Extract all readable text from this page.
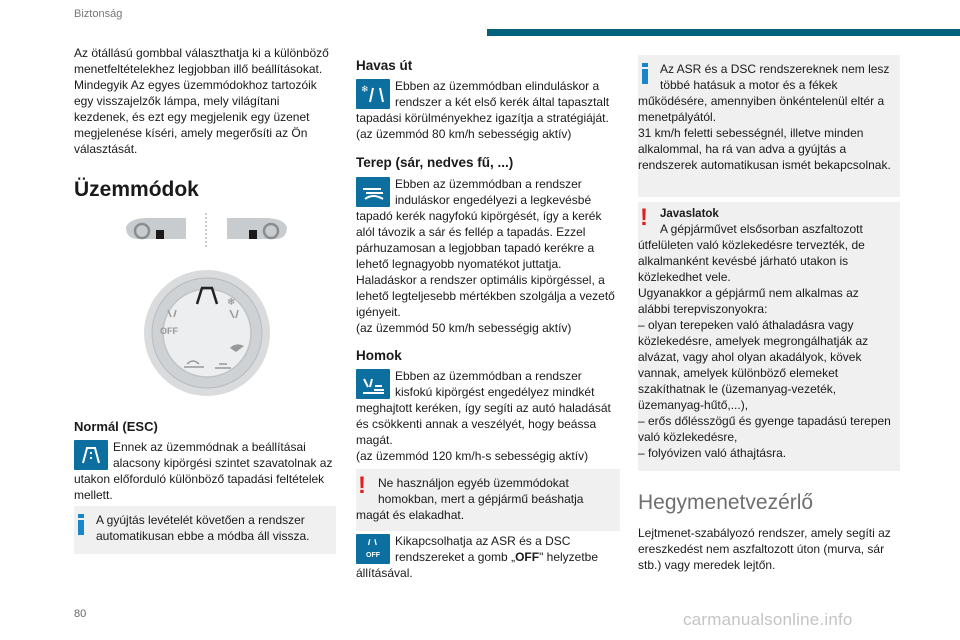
Biztonság

Az ötállású gombbal választhatja ki a különböző menetfeltételekhez legjobban illő beállításokat. Mindegyik Az egyes üzemmódokhoz tartozóik egy visszajelzők lámpa, mely világítani kezdenek, és ezt egy megjelenik egy üzenet megjelenése kíséri, amely megerősíti az Ön választását.

Üzemmódok
❄
OFF
Normál (ESC)

Ennek az üzemmódnak a beállításai alacsony kipörgési szintet szavatolnak az utakon előforduló különböző tapadási feltételek mellett.

A gyújtás levételét követően a rendszer automatikusan ebbe a módba áll vissza.

80
Havas út
❄	Ebben az üzemmódban elinduláskor a rendszer a két első kerék által tapasztalt tapadási körülményekhez igazítja a stratégiáját.
(az üzemmód 80 km/h sebességig aktív)

Terep (sár, nedves fű, ...)

Ebben az üzemmódban a rendszer induláskor engedélyezi a legkevésbé tapadó kerék nagyfokú kipörgését, így a kerék alól távozik a sár és fellép a tapadás. Ezzel párhuzamosan a legjobban tapadó kerékre a lehető legnagyobb nyomatékot juttatja.
Haladáskor a rendszer optimális kipörgéssel, a lehető legteljesebb mértékben szolgálja a vezető igényeit.
(az üzemmód 50 km/h sebességig aktív)

Homok

Ebben az üzemmódban a rendszer kisfokú kipörgést engedélyez mindkét meghajtott keréken, így segíti az autó haladását és csökkenti annak a veszélyét, hogy beássa magát.
(az üzemmód 120 km/h-s sebességig aktív)

!	Ne használjon egyéb üzemmódokat homokban, mert a gépjármű beáshatja magát és elakadhat.

OFF

Kikapcsolhatja az ASR és a DSC rendszereket a gomb „OFF" helyzetbe állításával.

Az ASR és a DSC rendszereknek nem lesz többé hatásuk a motor és a fékek működésére, amennyiben önkéntelenül eltér a menetpályától.
31 km/h feletti sebességnél, illetve minden alkalommal, ha rá van adva a gyújtás a rendszerek automatikusan ismét bekapcsolnak.

!	Javaslatok

A gépjárművet elsősorban aszfaltozott útfelületen való közlekedésre tervezték, de alkalmanként kevésbé járható utakon is közlekedhet vele.
Ugyanakkor a gépjármű nem alkalmas az alábbi terepviszonyokra:
– olyan terepeken való áthaladásra vagy közlekedésre, amelyek megrongálhatják az alvázat, vagy ahol olyan akadályok, kövek vannak, amelyek különböző elemeket szakíthatnak le (üzemanyag-vezeték, üzemanyag-hűtő,...),
– erős dőlésszögű és gyenge tapadású terepen való közlekedésre,
– folyóvizen való áthajtásra.

Hegymenetvezérlő

Lejtmenet-szabályozó rendszer, amely segíti az ereszkedést nem aszfaltozott úton (murva, sár stb.) vagy meredek lejtőn.

carmanualsonline.info
